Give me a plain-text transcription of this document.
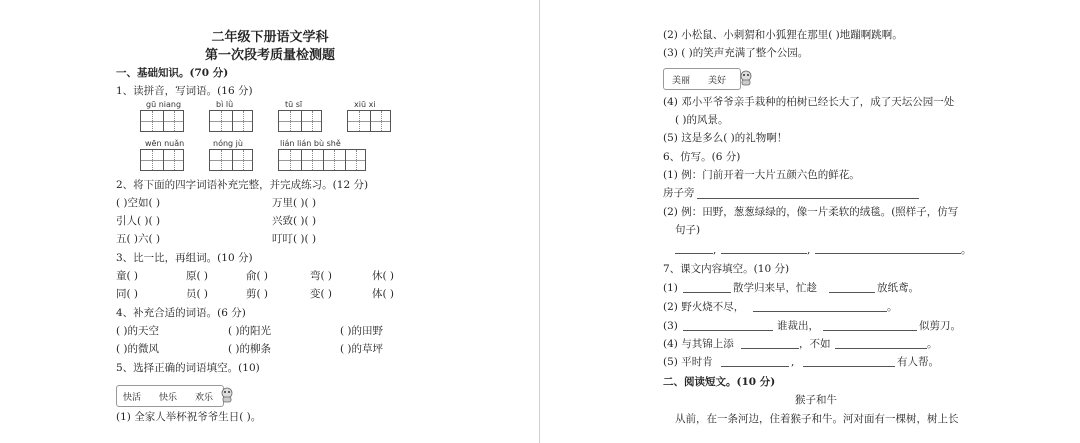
二年级下册语文学科
第一次段考质量检测题
一、基础知识。(70 分)
1、读拼音，写词语。(16 分)
gū niang	bì lǜ	tū sī	xiū xi
wēn nuǎn	nóng jù	lián lián bù shě
2、将下面的四字词语补充完整，并完成练习。(12 分)
( )空如( )	万里( )( )
引人( )( )	兴致( )( )
五( )六( )	叮叮( )( )
3、比一比，再组词。(10 分)
童( )	原( )	俞( )	弯( )	休( )
同( )	员( )	剪( )	变( )	体( )
4、补充合适的词语。(6 分)
( )的天空	( )的阳光	( )的田野
( )的微风	( )的柳条	( )的草坪
5、选择正确的词语填空。(10)
快活 快乐 欢乐
(1) 全家人举杯祝爷爷生日( )。
(2) 小松鼠、小刺猬和小狐狸在那里( )地蹦啊跳啊。
(3) ( )的笑声充满了整个公园。
美丽 美好
(4) 邓小平爷爷亲手栽种的柏树已经长大了，成了天坛公园一处
( )的风景。
(5) 这是多么( )的礼物啊！
6、仿写。(6 分)
(1) 例：门前开着一大片五颜六色的鲜花。
房子旁
(2) 例：田野，葱葱绿绿的，像一片柔软的绒毯。(照样子，仿写
句子)
,	,	。
7、课文内容填空。(10 分)
(1)	散学归来早，忙趁	放纸鸢。
(2) 野火烧不尽，	。
(3)	谁裁出，	似剪刀。
(4) 与其锦上添	，不如	。
(5) 平时肯	,	有人帮。
二、阅读短文。(10 分)
猴子和牛
从前，在一条河边，住着猴子和牛。河对面有一棵树，树上长
